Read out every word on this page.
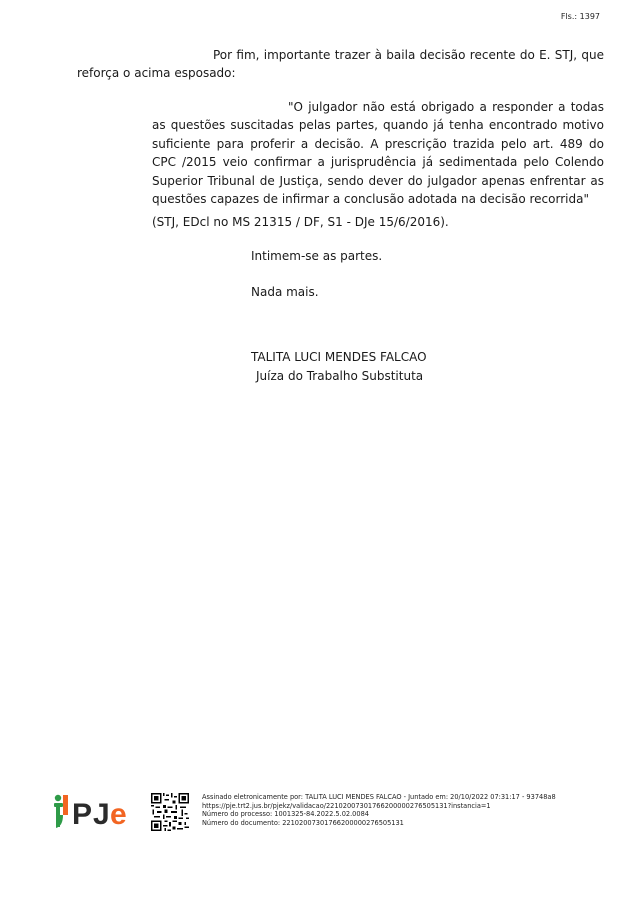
Fls.: 1397
Por fim, importante trazer à baila decisão recente do E. STJ, que reforça o acima esposado:
"O julgador não está obrigado a responder a todas as questões suscitadas pelas partes, quando já tenha encontrado motivo suficiente para proferir a decisão. A prescrição trazida pelo art. 489 do CPC /2015 veio confirmar a jurisprudência já sedimentada pelo Colendo Superior Tribunal de Justiça, sendo dever do julgador apenas enfrentar as questões capazes de infirmar a conclusão adotada na decisão recorrida"
(STJ, EDcl no MS 21315 / DF, S1 - DJe 15/6/2016).
Intimem-se as partes.
Nada mais.
TALITA LUCI MENDES FALCAO
Juíza do Trabalho Substituta
P J e
Assinado eletronicamente por: TALITA LUCI MENDES FALCAO - Juntado em: 20/10/2022 07:31:17 - 93748a8
https://pje.trt2.jus.br/pjekz/validacao/22102007301766200000276505131?instancia=1
Número do processo: 1001325-84.2022.5.02.0084
Número do documento: 22102007301766200000276505131
